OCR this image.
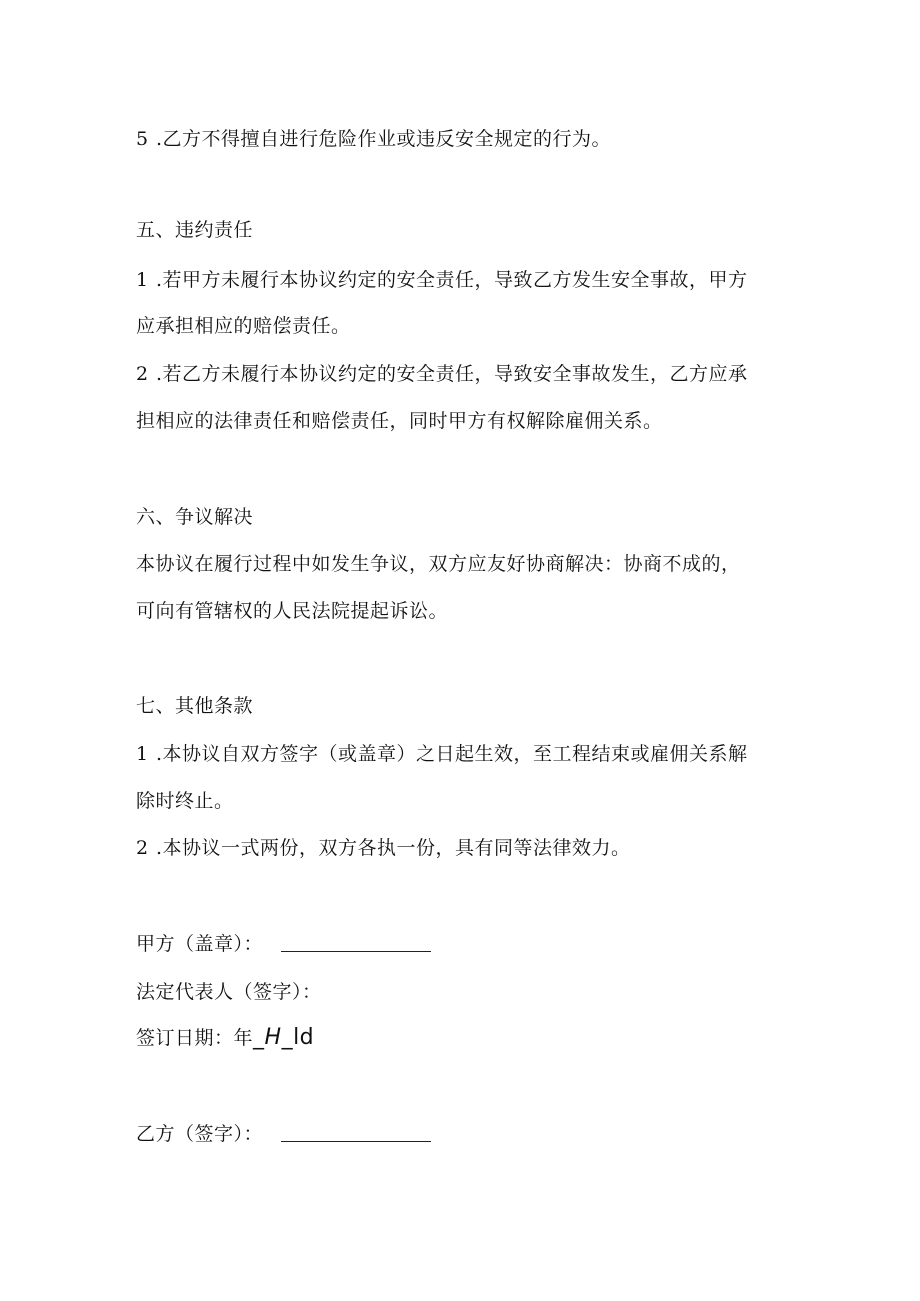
5 .乙方不得擅自进行危险作业或违反安全规定的行为。
五、违约责任
1 .若甲方未履行本协议约定的安全责任，导致乙方发生安全事故，甲方
应承担相应的赔偿责任。
2 .若乙方未履行本协议约定的安全责任，导致安全事故发生，乙方应承
担相应的法律责任和赔偿责任，同时甲方有权解除雇佣关系。
六、争议解决
本协议在履行过程中如发生争议，双方应友好协商解决：协商不成的，
可向有管辖权的人民法院提起诉讼。
七、其他条款
1 .本协议自双方签字（或盖章）之日起生效，至工程结束或雇佣关系解
除时终止。
2 .本协议一式两份，双方各执一份，具有同等法律效力。
甲方（盖章）：
法定代表人（签字）：
签订日期：年_H_ld
乙方（签字）：
